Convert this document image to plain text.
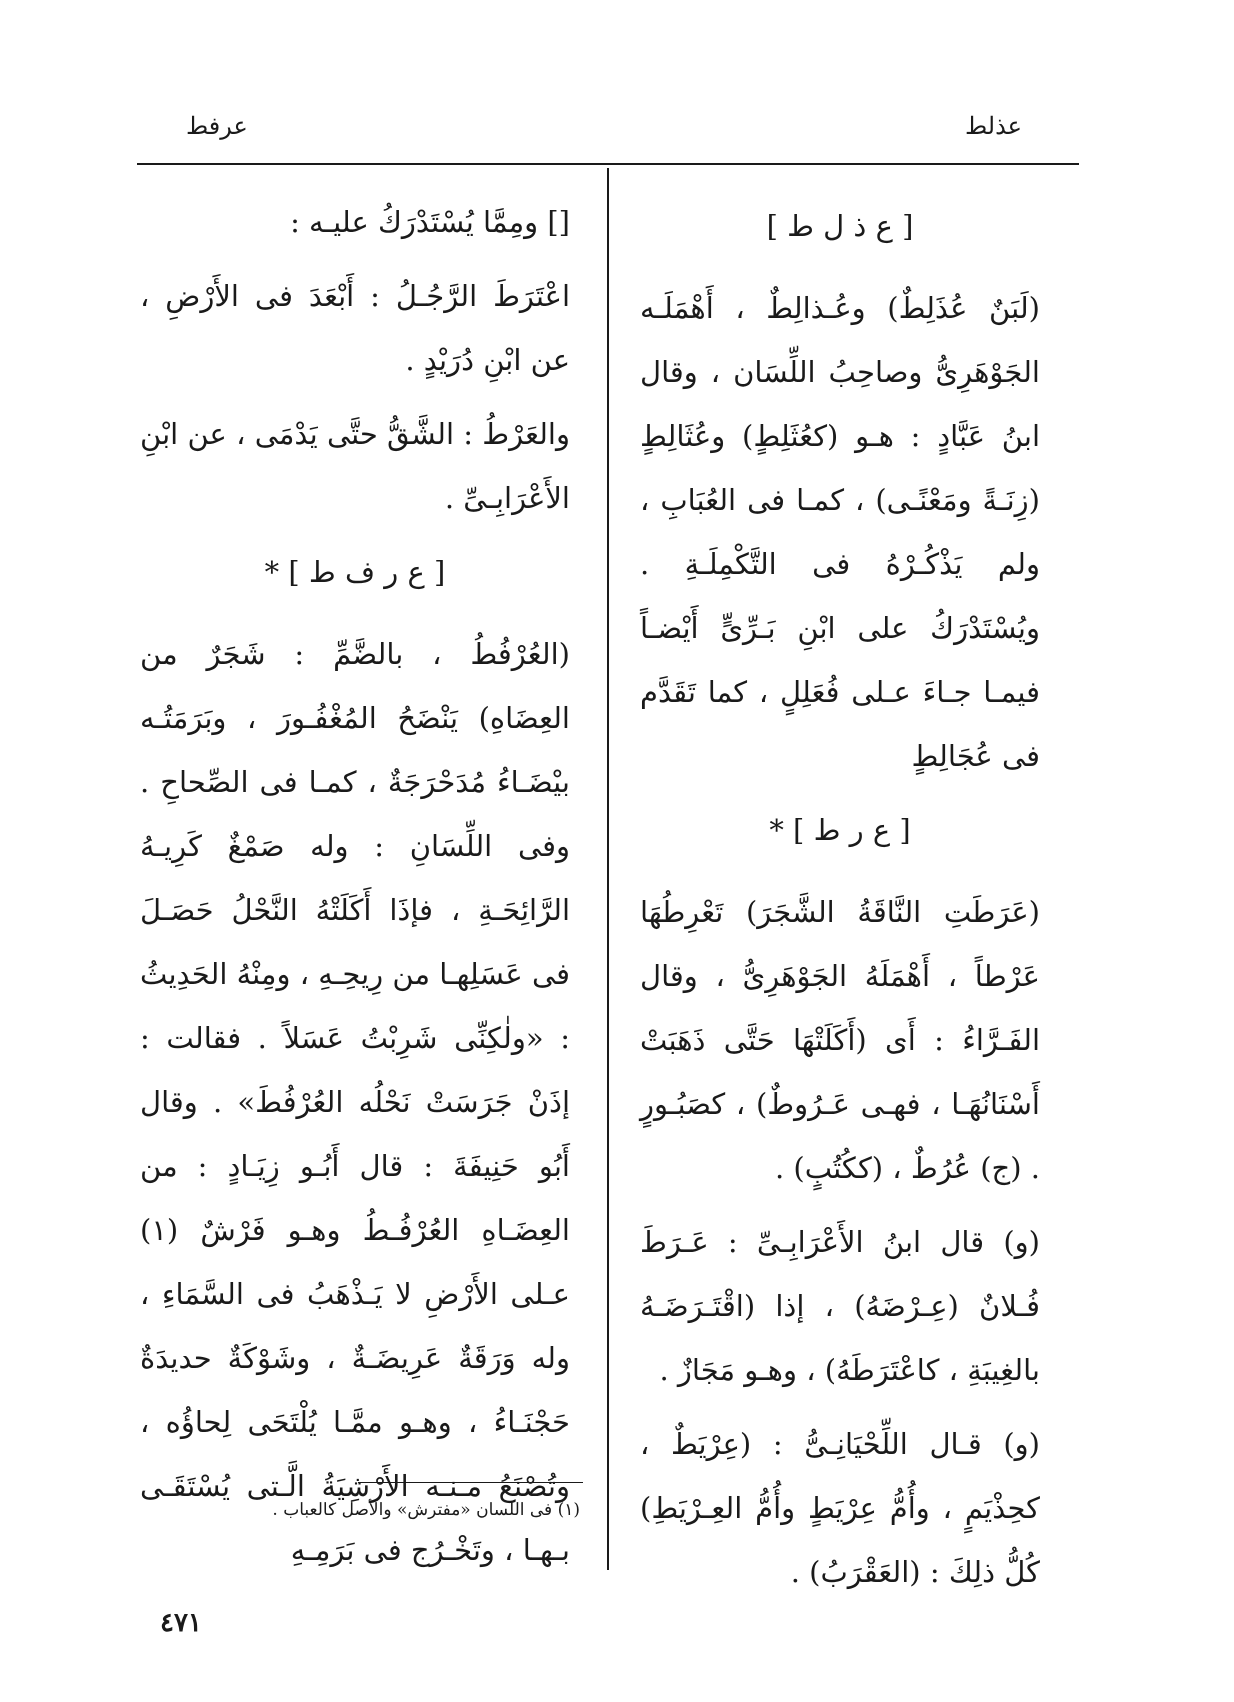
عذلط
عرفط

[ ع ذ ل ط ]

(لَبَنٌ عُذَلِطٌ) وعُـذالِطٌ ، أَهْمَلَـه الجَوْهَرِىُّ وصاحِبُ اللِّسَان ، وقال ابنُ عَبَّادٍ : هـو (كعُثَلِطٍ) وعُثَالِطٍ (زِنَـةً ومَعْنًـى) ، كمـا فى العُبَابِ ، ولم يَذْكُـرْهُ فى التَّكْمِلَـةِ . ويُسْتَدْرَكُ على ابْنِ بَـرِّىٍّ أَيْضـاً فيمـا جـاءَ عـلى فُعَلِلٍ ، كما تَقَدَّم فى عُجَالِطٍ

[ ع ر ط ] *

(عَرَطَتِ النَّاقَةُ الشَّجَرَ) تَعْرِطُهَا عَرْطاً ، أَهْمَلَهُ الجَوْهَرِىُّ ، وقال الفَـرَّاءُ : أَى (أَكَلَتْهَا حَتَّى ذَهَبَتْ أَسْنَانُهَـا ، فهـى عَـرُوطٌ) ، كصَبُـورٍ . (ج) عُرُطٌ ، (ككُتُبٍ) .

(و) قال ابنُ الأَعْرَابِـىِّ : عَـرَطَ فُـلانٌ (عِـرْضَهُ) ، إذا (اقْتَـرَضَـهُ بالغِيبَةِ ، كاعْتَرَطَهُ) ، وهـو مَجَازٌ .

(و) قـال اللِّحْيَانِـىُّ : (عِرْيَطٌ ، كحِذْيَمٍ ، وأُمُّ عِرْيَطٍ وأُمُّ العِـرْيَطِ) كُلُّ ذلِكَ : (العَقْرَبُ) .

[] ومِمَّا يُسْتَدْرَكُ عليـه :

اعْتَرَطَ الرَّجُـلُ : أَبْعَدَ فى الأَرْضِ ، عن ابْنِ دُرَيْدٍ .

والعَرْطُ : الشَّقُّ حتَّى يَدْمَى ، عن ابْنِ الأَعْرَابِـىِّ .

[ ع ر ف ط ] *

(العُرْفُطُ ، بالضَّمِّ : شَجَرٌ من العِضَاهِ) يَنْضَحُ المُغْفُـورَ ، وبَرَمَتُـه بيْضَـاءُ مُدَحْرَجَةٌ ، كمـا فى الصِّحاحِ . وفى اللِّسَانِ : وله صَمْغٌ كَرِيـهُ الرَّائِحَـةِ ، فإذَا أَكَلَتْهُ النَّحْلُ حَصَـلَ فى عَسَلِهـا من رِيحِـهِ ، ومِنْهُ الحَدِيثُ : «ولٰكِنِّى شَرِبْتُ عَسَلاً . فقالت : إذَنْ جَرَسَتْ نَحْلُه العُرْفُطَ» . وقال أَبُو حَنِيفَةَ : قال أَبُـو زِيَـادٍ : من العِضَـاهِ العُرْفُـطُ وهـو فَرْشٌ (١) عـلى الأَرْضِ لا يَـذْهَبُ فى السَّمَاءِ ، وله وَرَقَةٌ عَرِيضَـةٌ ، وشَوْكَةٌ حديدَةٌ حَجْنَـاءُ ، وهـو ممَّـا يُلْتَحَى لِحاؤُه ، وتُصْنَعُ مـنـه الأَرْشِيَةُ الَّـتى يُسْتَقَـى بـهـا ، وتَخْـرُج فى بَرَمِـهِ

(١) فى اللسان «مفترش» والأصل كالعباب .
٤٧١
